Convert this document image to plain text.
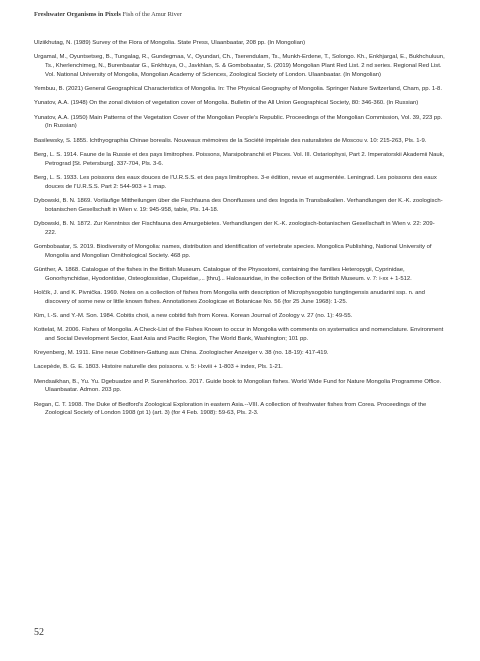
Freshwater Organisms in Pixels Fish of the Amur River

Ulziikhutag, N. (1989) Survey of the Flora of Mongolia. State Press, Ulaanbaatar, 208 pp. (In Mongolian)

Urgamal, M., Oyuntsetseg, B., Tungalag, R., Gundegmaa, V., Oyundari, Ch., Tserendulam, Ts., Munkh-Erdene, T., Solongo. Kh., Enkhjargal, E., Bukhchuluun, Ts., Kherlenchimeg, N., Burenbaatar G., Enkhtuya, O., Javkhlan, S. & Gombobaatar, S. (2019) Mongolian Plant Red List. 2 nd series. Regional Red List. Vol. National University of Mongolia, Mongolian Academy of Sciences, Zoological Society of London. Ulaanbaatar. (In Mongolian)

Yembuu, B. (2021) General Geographical Characteristics of Mongolia. In: The Physical Geography of Mongolia. Springer Nature Switzerland, Cham, pp. 1-8.

Yunatov, A.A. (1948) On the zonal division of vegetation cover of Mongolia. Bulletin of the All Union Geographical Society, 80: 346-360. (In Russian)

Yunatov, A.A. (1950) Main Patterns of the Vegetation Cover of the Mongolian People’s Republic. Proceedings of the Mongolian Commission, Vol. 39, 223 pp. (In Russian)

Basilewsky, S. 1855. Ichthyographia Chinae borealis. Nouveaux mémoires de la Société impériale des naturalistes de Moscou v. 10: 215-263, Pls. 1-9.

Berg, L. S. 1914. Faune de la Russie et des pays limitrophes. Poissons, Marsipobranchii et Pisces. Vol. III. Ostariophysi, Part 2. Imperatorskii Akademii Nauk, Petrograd [St. Petersburg]. 337-704, Pls. 3-6.

Berg, L. S. 1933. Les poissons des eaux douces de l’U.R.S.S. et des pays limitrophes. 3-e édition, revue et augmentée. Leningrad. Les poissons des eaux douces de l’U.R.S.S. Part 2: 544-903 + 1 map.

Dybowski, B. N. 1869. Vorläufige Mittheilungen über die Fischfauna des Ononflusses und des Ingoda in Transbaikalien. Verhandlungen der K.-K. zoologisch-botanischen Gesellschaft in Wien v. 19: 945-958, table, Pls. 14-18.

Dybowski, B. N. 1872. Zur Kenntniss der Fischfauna des Amurgebietes. Verhandlungen der K.-K. zoologisch-botanischen Gesellschaft in Wien v. 22: 209-222.

Gombobaatar, S. 2019. Biodiversity of Mongolia: names, distribution and identification of vertebrate species. Mongolica Publishing, National University of Mongolia and Mongolian Ornithological Society. 468 pp.

Günther, A. 1868. Catalogue of the fishes in the British Museum. Catalogue of the Physostomi, containing the families Heteropygii, Cyprinidae, Gonorhynchidae, Hyodontidae, Osteoglossidae, Clupeidae,... [thru]... Halosauridae, in the collection of the British Museum. v. 7: i-xx + 1-512.

Holčík, J. and K. Pivnička. 1969. Notes on a collection of fishes from Mongolia with description of Microphysogobio tungtingensis anudarini ssp. n. and discovery of some new or little known fishes. Annotationes Zoologicae et Botanicae No. 56 (for 25 June 1968): 1-25.

Kim, I.-S. and Y.-M. Son. 1984. Cobitis choii, a new cobitid fish from Korea. Korean Journal of Zoology v. 27 (no. 1): 49-55.

Kottelat, M. 2006. Fishes of Mongolia. A Check-List of the Fishes Known to occur in Mongolia with comments on systematics and nomenclature. Environment and Social Development Sector, East Asia and Pacific Region, The World Bank, Washington; 101 pp.

Kreyenberg, M. 1911. Eine neue Cobitinen-Gattung aus China. Zoologischer Anzeiger v. 38 (no. 18-19): 417-419.

Lacepède, B. G. E. 1803. Histoire naturelle des poissons. v. 5: i-lxviii + 1-803 + index, Pls. 1-21.

Mendsaikhan, B., Yu. Yu. Dgebuadze and P. Surenkhorloo. 2017. Guide book to Mongolian fishes. World Wide Fund for Nature Mongolia Programme Office. Ulaanbaatar. Admon. 203 pp.

Regan, C. T. 1908. The Duke of Bedford’s Zoological Exploration in eastern Asia.--VIII. A collection of freshwater fishes from Corea. Proceedings of the Zoological Society of London 1908 (pt 1) (art. 3) (for 4 Feb. 1908): 59-63, Pls. 2-3.

52
